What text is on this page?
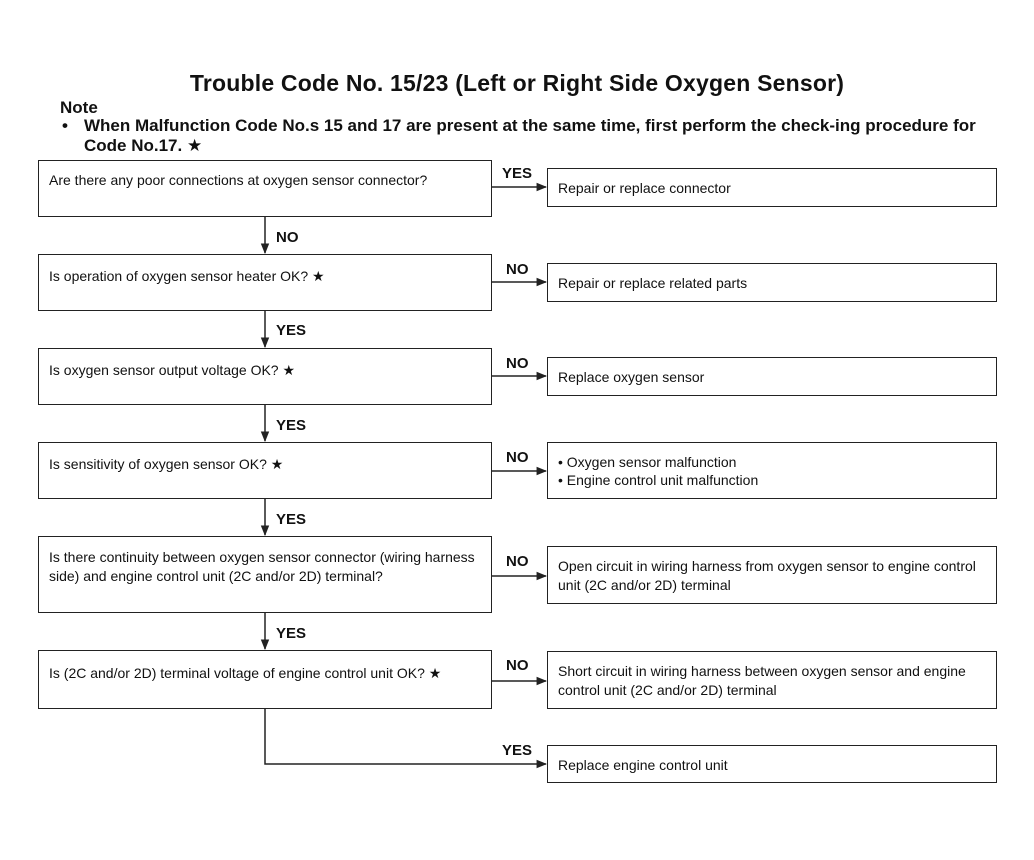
Trouble Code No. 15/23 (Left or Right Side Oxygen Sensor)
Note
• When Malfunction Code No.s 15 and 17 are present at the same time, first perform the check-ing procedure for Code No.17. ★
Are there any poor connections at oxygen sensor connector?
Is operation of oxygen sensor heater OK? ★
Is oxygen sensor output voltage OK? ★
Is sensitivity of oxygen sensor OK? ★
Is there continuity between oxygen sensor connector (wiring harness side) and engine control unit (2C and/or 2D) terminal?
Is (2C and/or 2D) terminal voltage of engine control unit OK? ★
Repair or replace connector
Repair or replace related parts
Replace oxygen sensor
• Oxygen sensor malfunction
• Engine control unit malfunction
Open circuit in wiring harness from oxygen sensor to engine control unit (2C and/or 2D) terminal
Short circuit in wiring harness between oxygen sensor and engine control unit (2C and/or 2D) terminal
Replace engine control unit
YES
NO
NO
YES
NO
YES
NO
YES
NO
YES
NO
YES
